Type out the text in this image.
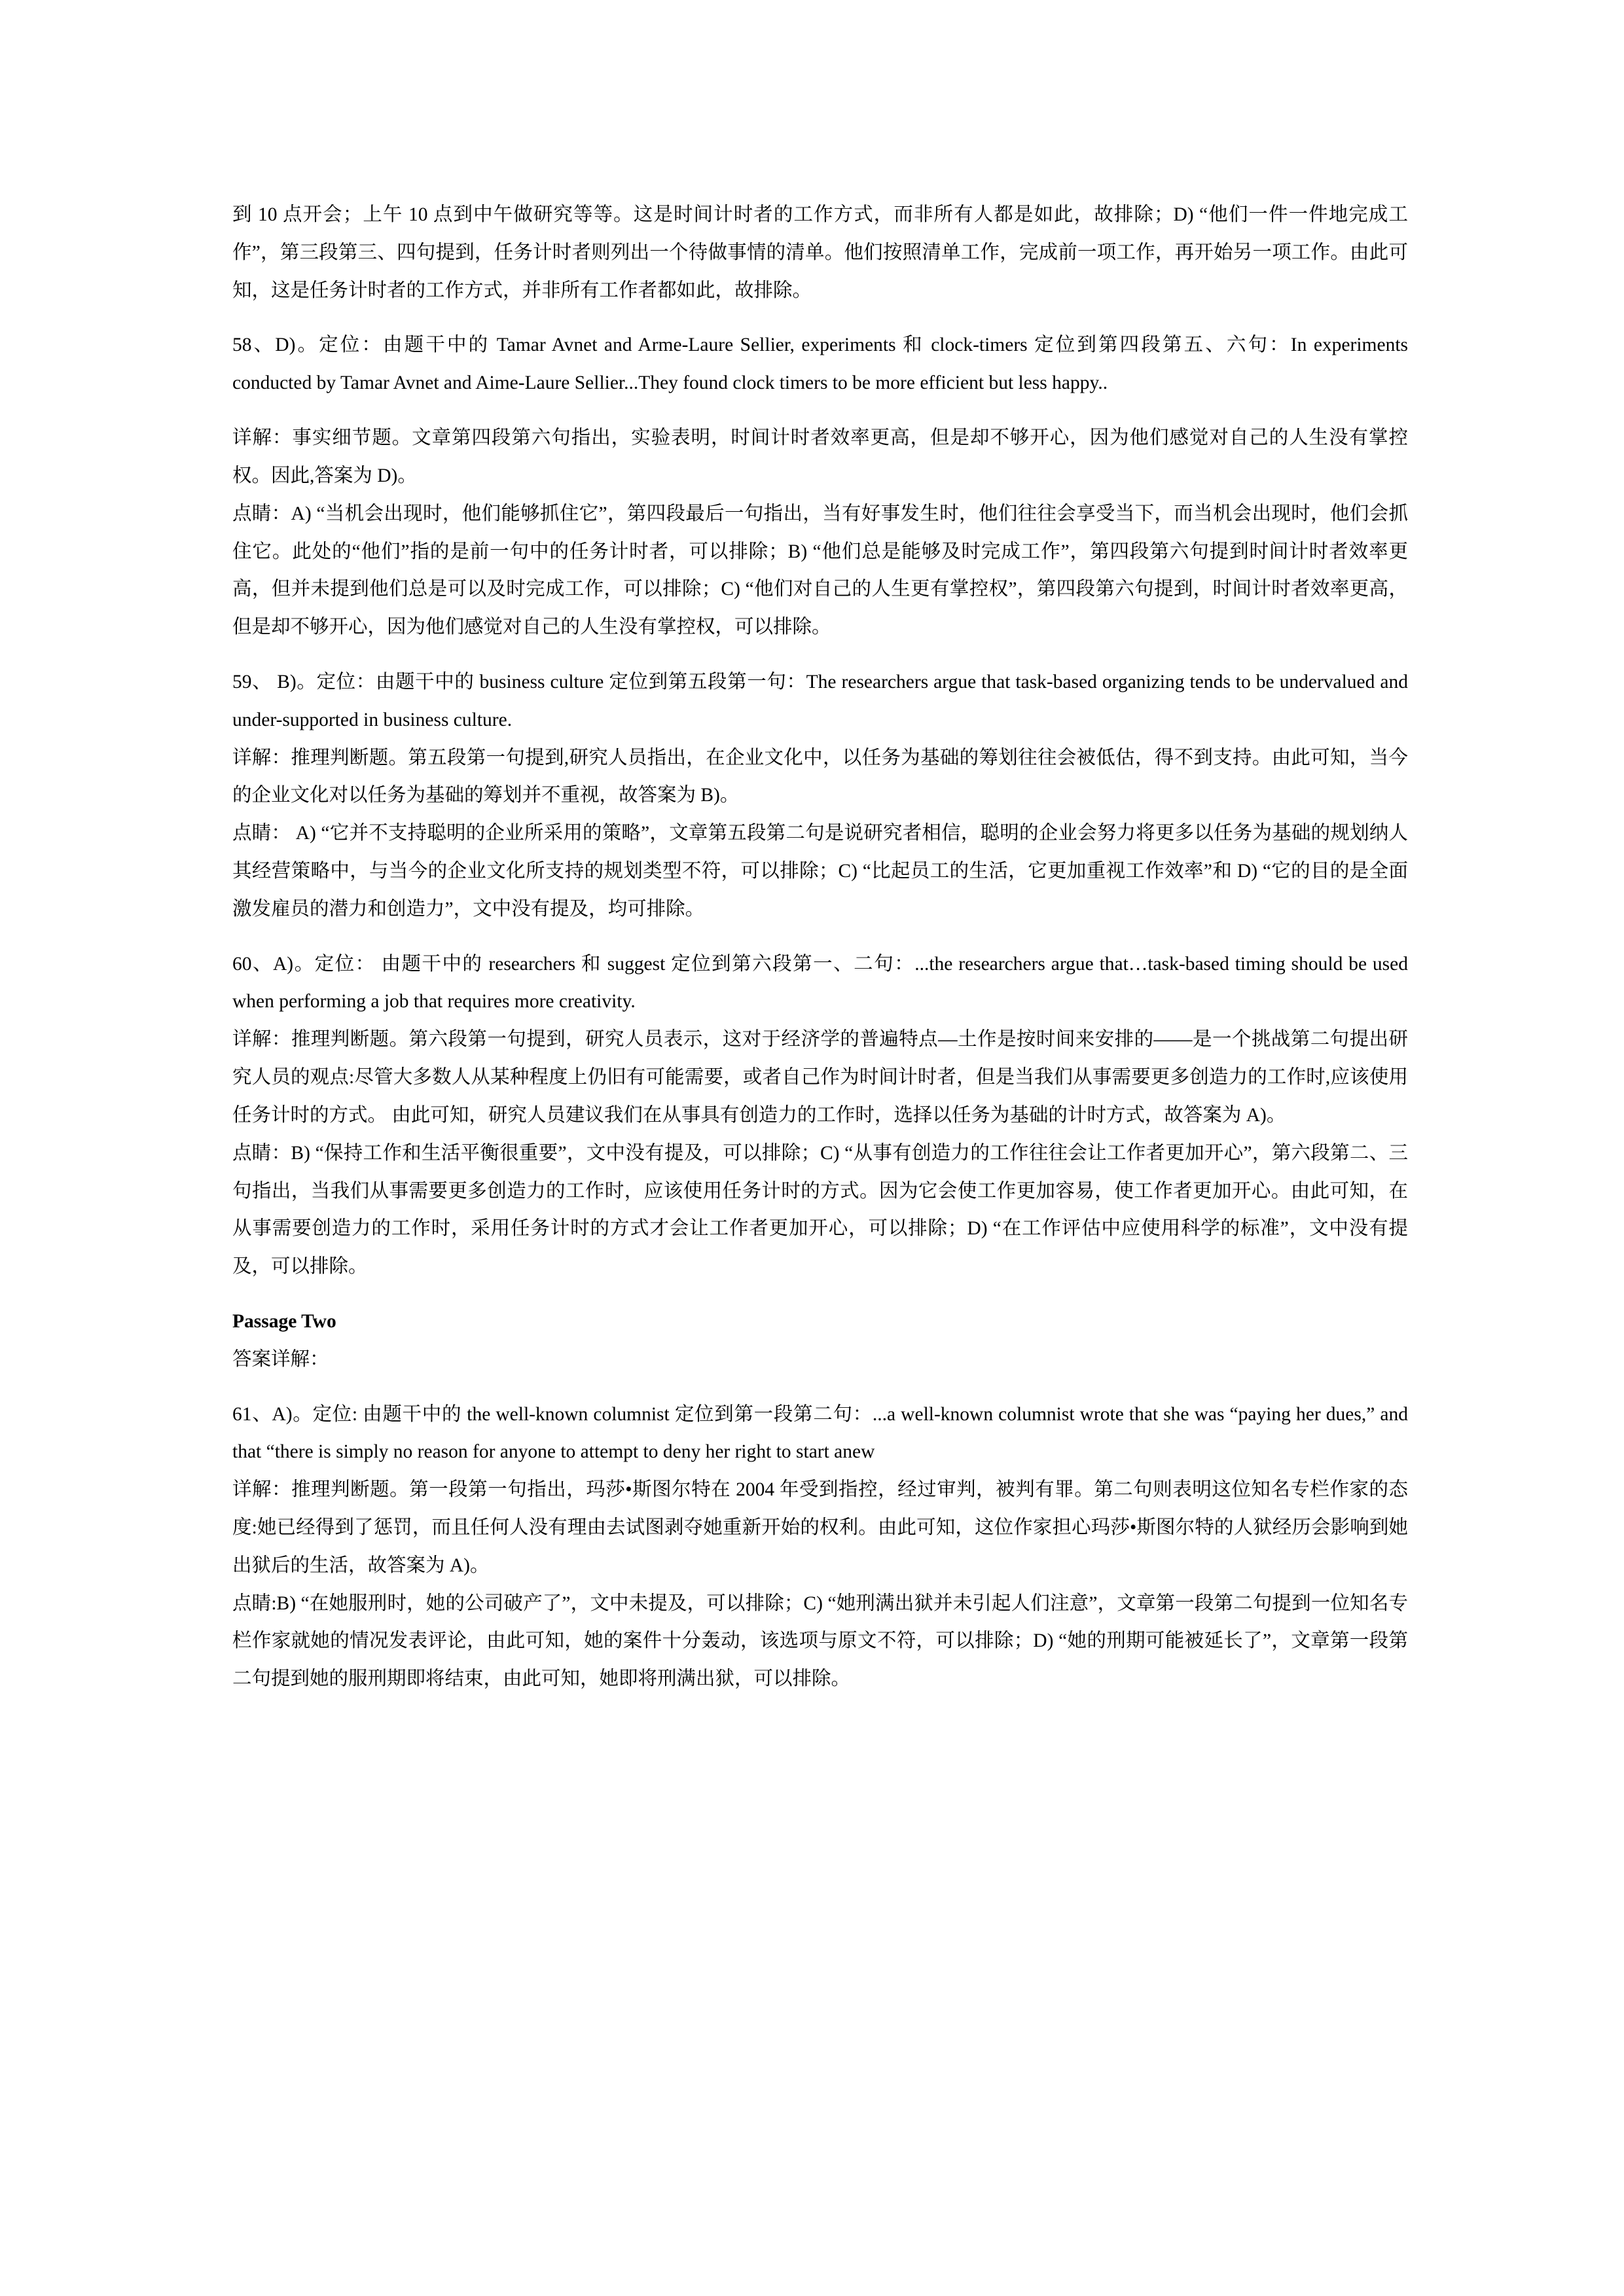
到 10 点开会；上午 10 点到中午做研究等等。这是时间计时者的工作方式，而非所有人都是如此，故排除；D) “他们一件一件地完成工作”，第三段第三、四句提到，任务计时者则列出一个待做事情的清单。他们按照清单工作，完成前一项工作，再开始另一项工作。由此可知，这是任务计时者的工作方式，并非所有工作者都如此，故排除。

58、D)。定位：由题干中的 Tamar Avnet and Arme-Laure Sellier, experiments 和 clock-timers 定位到第四段第五、六句：In experiments conducted by Tamar Avnet and Aime-Laure Sellier...They found clock timers to be more efficient but less happy..

详解：事实细节题。文章第四段第六句指出，实验表明，时间计时者效率更高，但是却不够开心，因为他们感觉对自己的人生没有掌控权。因此,答案为 D)。

点睛：A) “当机会出现时，他们能够抓住它”，第四段最后一句指出，当有好事发生时，他们往往会享受当下，而当机会出现时，他们会抓住它。此处的“他们”指的是前一句中的任务计时者，可以排除；B) “他们总是能够及时完成工作”，第四段第六句提到时间计时者效率更高，但并未提到他们总是可以及时完成工作，可以排除；C) “他们对自己的人生更有掌控权”，第四段第六句提到，时间计时者效率更高，但是却不够开心，因为他们感觉对自己的人生没有掌控权，可以排除。

59、 B)。定位：由题干中的 business culture 定位到第五段第一句：The researchers argue that task-based organizing tends to be undervalued and under-supported in business culture.

详解：推理判断题。第五段第一句提到,研究人员指出，在企业文化中，以任务为基础的筹划往往会被低估，得不到支持。由此可知，当今的企业文化对以任务为基础的筹划并不重视，故答案为 B)。

点睛： A) “它并不支持聪明的企业所采用的策略”，文章第五段第二句是说研究者相信，聪明的企业会努力将更多以任务为基础的规划纳人其经营策略中，与当今的企业文化所支持的规划类型不符，可以排除；C) “比起员工的生活，它更加重视工作效率”和 D) “它的目的是全面激发雇员的潜力和创造力”，文中没有提及，均可排除。

60、A)。定位： 由题干中的 researchers 和 suggest 定位到第六段第一、二句：...the researchers argue that…task-based timing should be used when performing a job that requires more creativity.

详解：推理判断题。第六段第一句提到，研究人员表示，这对于经济学的普遍特点—土作是按时间来安排的——是一个挑战第二句提出研究人员的观点:尽管大多数人从某种程度上仍旧有可能需要，或者自己作为时间计时者，但是当我们从事需要更多创造力的工作时,应该使用任务计时的方式。 由此可知，研究人员建议我们在从事具有创造力的工作时，选择以任务为基础的计时方式，故答案为 A)。

点睛：B) “保持工作和生活平衡很重要”，文中没有提及，可以排除；C) “从事有创造力的工作往往会让工作者更加开心”，第六段第二、三句指出，当我们从事需要更多创造力的工作时，应该使用任务计时的方式。因为它会使工作更加容易，使工作者更加开心。由此可知，在从事需要创造力的工作时，采用任务计时的方式才会让工作者更加开心，可以排除；D) “在工作评估中应使用科学的标准”，文中没有提及，可以排除。

Passage Two

答案详解：

61、A)。定位: 由题干中的 the well-known columnist 定位到第一段第二句：...a well-known columnist wrote that she was “paying her dues,” and that “there is simply no reason for anyone to attempt to deny her right to start anew

详解：推理判断题。第一段第一句指出，玛莎•斯图尔特在 2004 年受到指控，经过审判，被判有罪。第二句则表明这位知名专栏作家的态度:她已经得到了惩罚，而且任何人没有理由去试图剥夺她重新开始的权利。由此可知，这位作家担心玛莎•斯图尔特的人狱经历会影响到她出狱后的生活，故答案为 A)。

点睛:B) “在她服刑时，她的公司破产了”，文中未提及，可以排除；C) “她刑满出狱并未引起人们注意”，文章第一段第二句提到一位知名专栏作家就她的情况发表评论，由此可知，她的案件十分轰动，该选项与原文不符，可以排除；D) “她的刑期可能被延长了”，文章第一段第二句提到她的服刑期即将结束，由此可知，她即将刑满出狱，可以排除。
